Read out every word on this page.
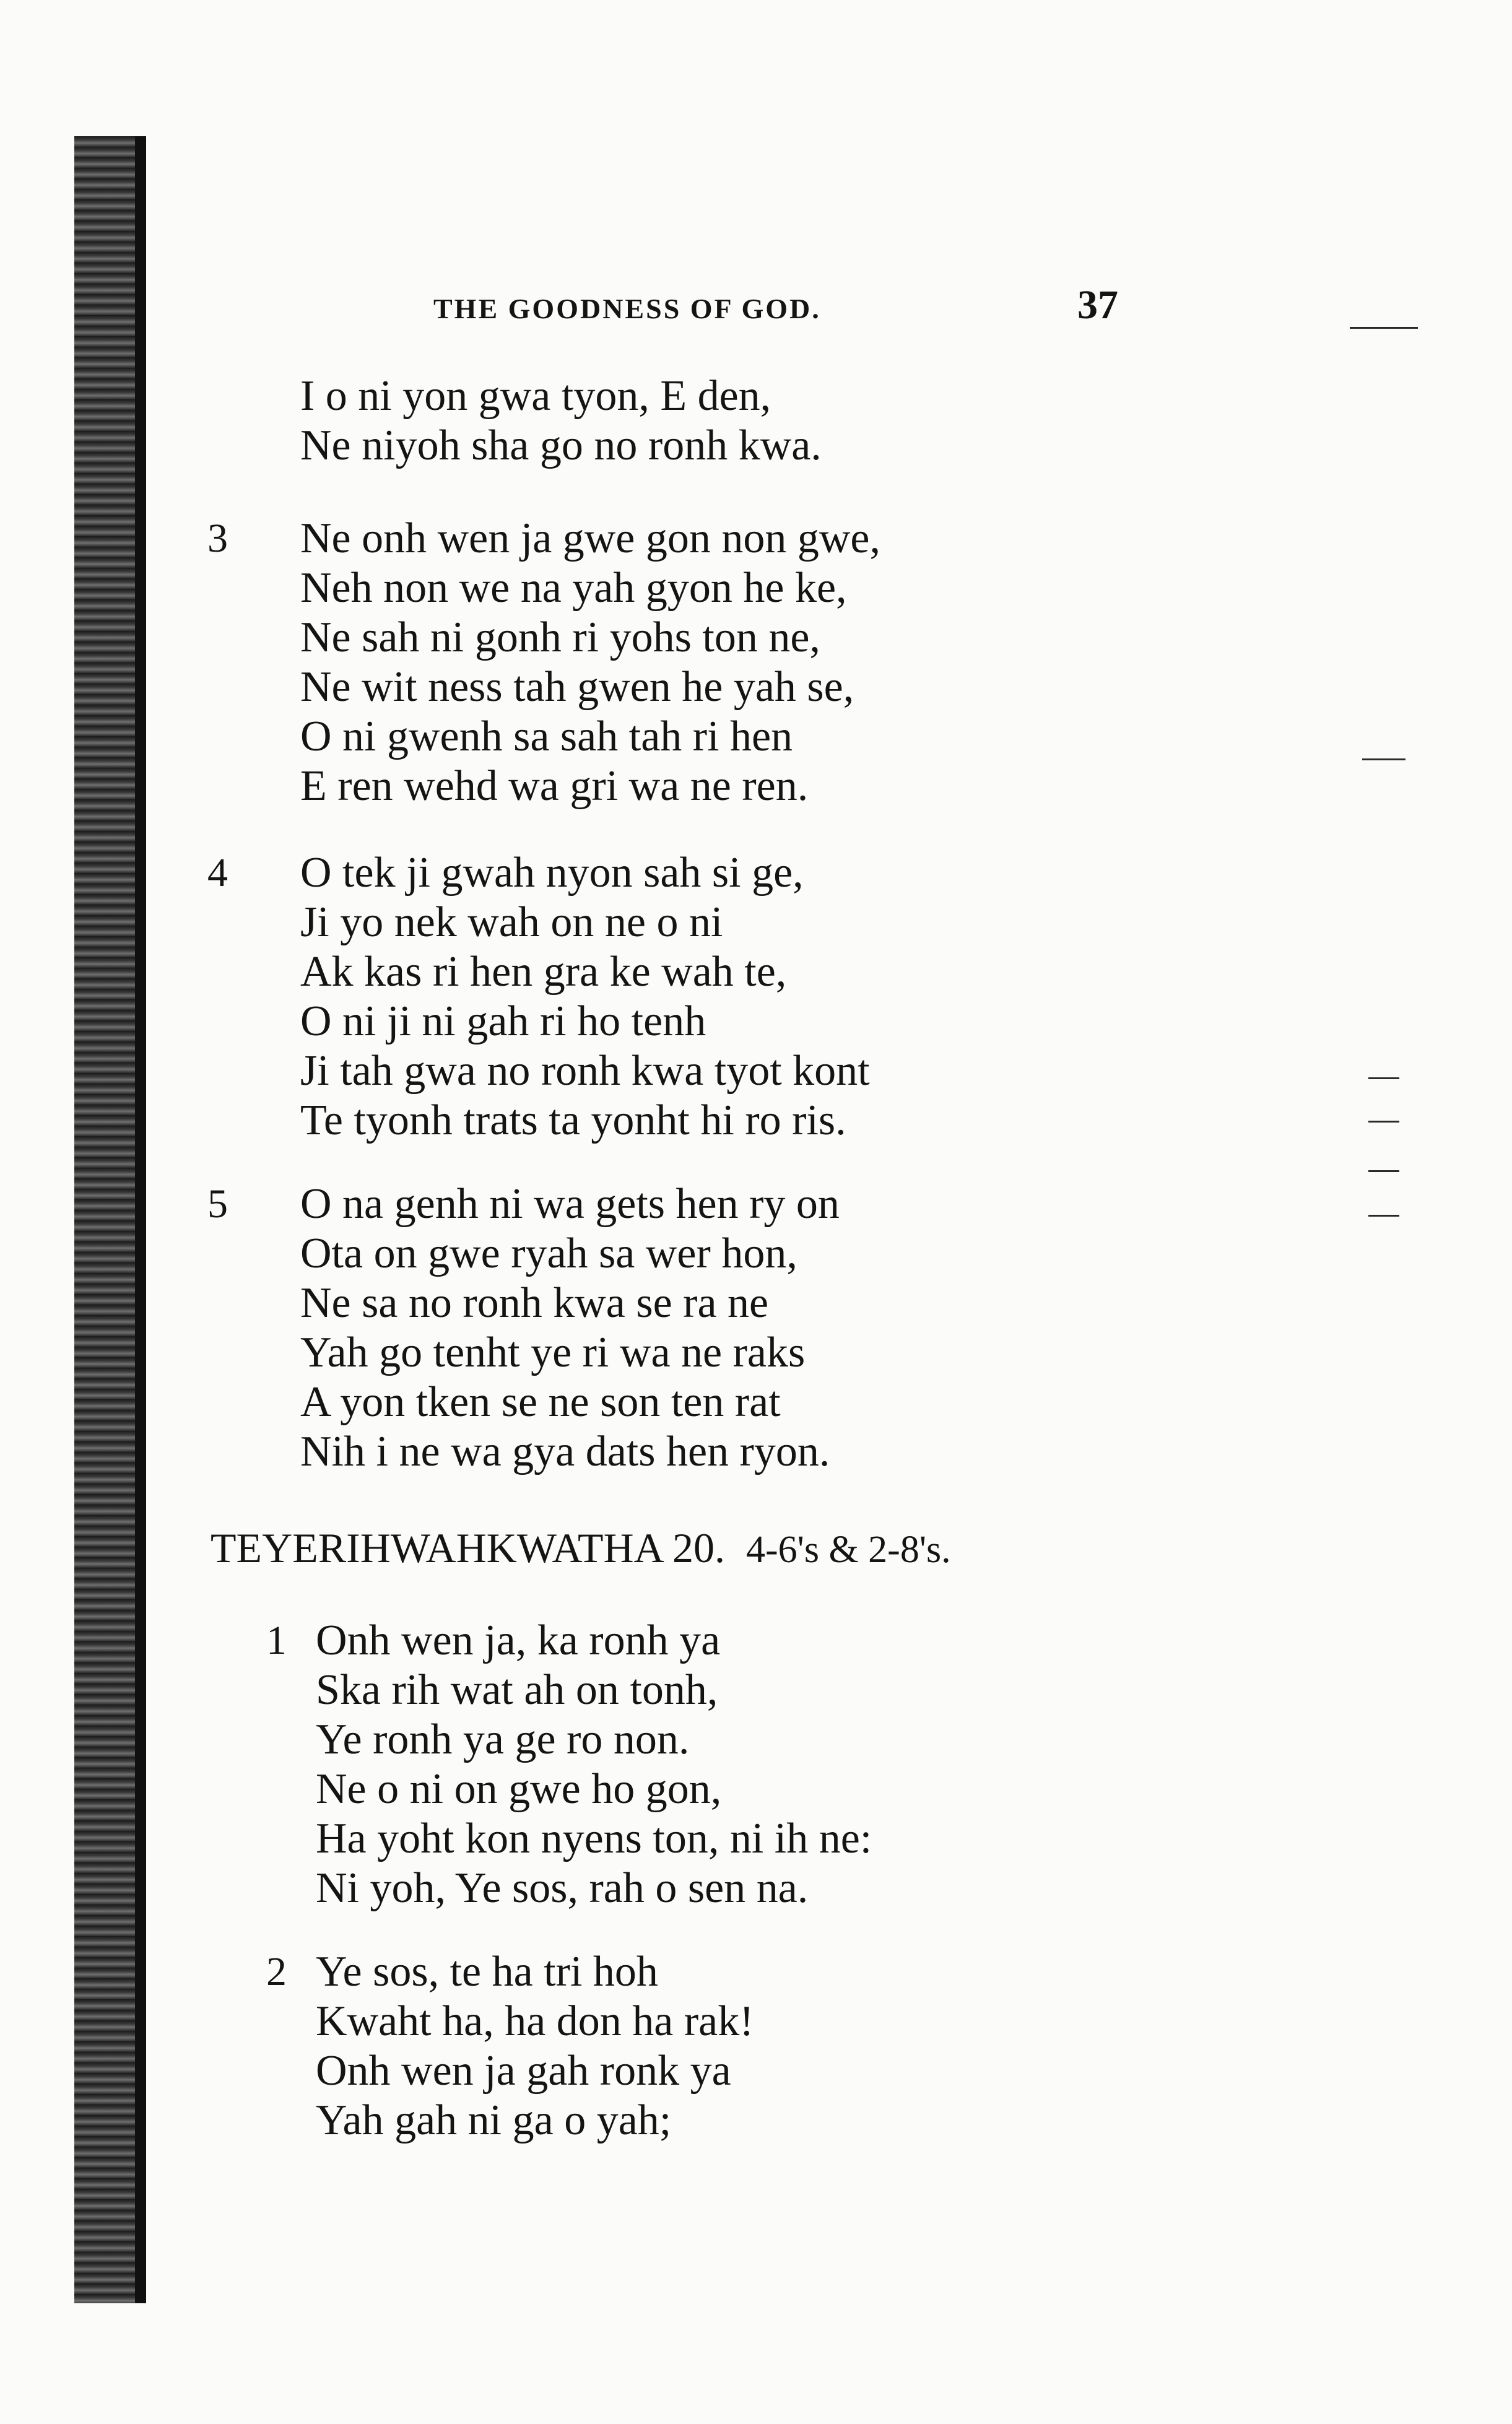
THE GOODNESS OF GOD.	37
I o ni yon gwa tyon, E den,
Ne niyoh sha go no ronh kwa.
3 Ne onh wen ja gwe gon non gwe,
Neh non we na yah gyon he ke,
Ne sah ni gonh ri yohs ton ne,
Ne wit ness tah gwen he yah se,
O ni gwenh sa sah tah ri hen
E ren wehd wa gri wa ne ren.
4 O tek ji gwah nyon sah si ge,
Ji yo nek wah on ne o ni
Ak kas ri hen gra ke wah te,
O ni ji ni gah ri ho tenh
Ji tah gwa no ronh kwa tyot kont
Te tyonh trats ta yonht hi ro ris.
5 O na genh ni wa gets hen ry on
Ota on gwe ryah sa wer hon,
Ne sa no ronh kwa se ra ne
Yah go tenht ye ri wa ne raks
A yon tken se ne son ten rat
Nih i ne wa gya dats hen ryon.
TEYERIHWAHKWATHA 20. 4-6's & 2-8's.
1 Onh wen ja, ka ronh ya
Ska rih wat ah on tonh,
Ye ronh ya ge ro non.
Ne o ni on gwe ho gon,
Ha yoht kon nyens ton, ni ih ne:
Ni yoh, Ye sos, rah o sen na.
2 Ye sos, te ha tri hoh
Kwaht ha, ha don ha rak!
Onh wen ja gah ronk ya
Yah gah ni ga o yah;
